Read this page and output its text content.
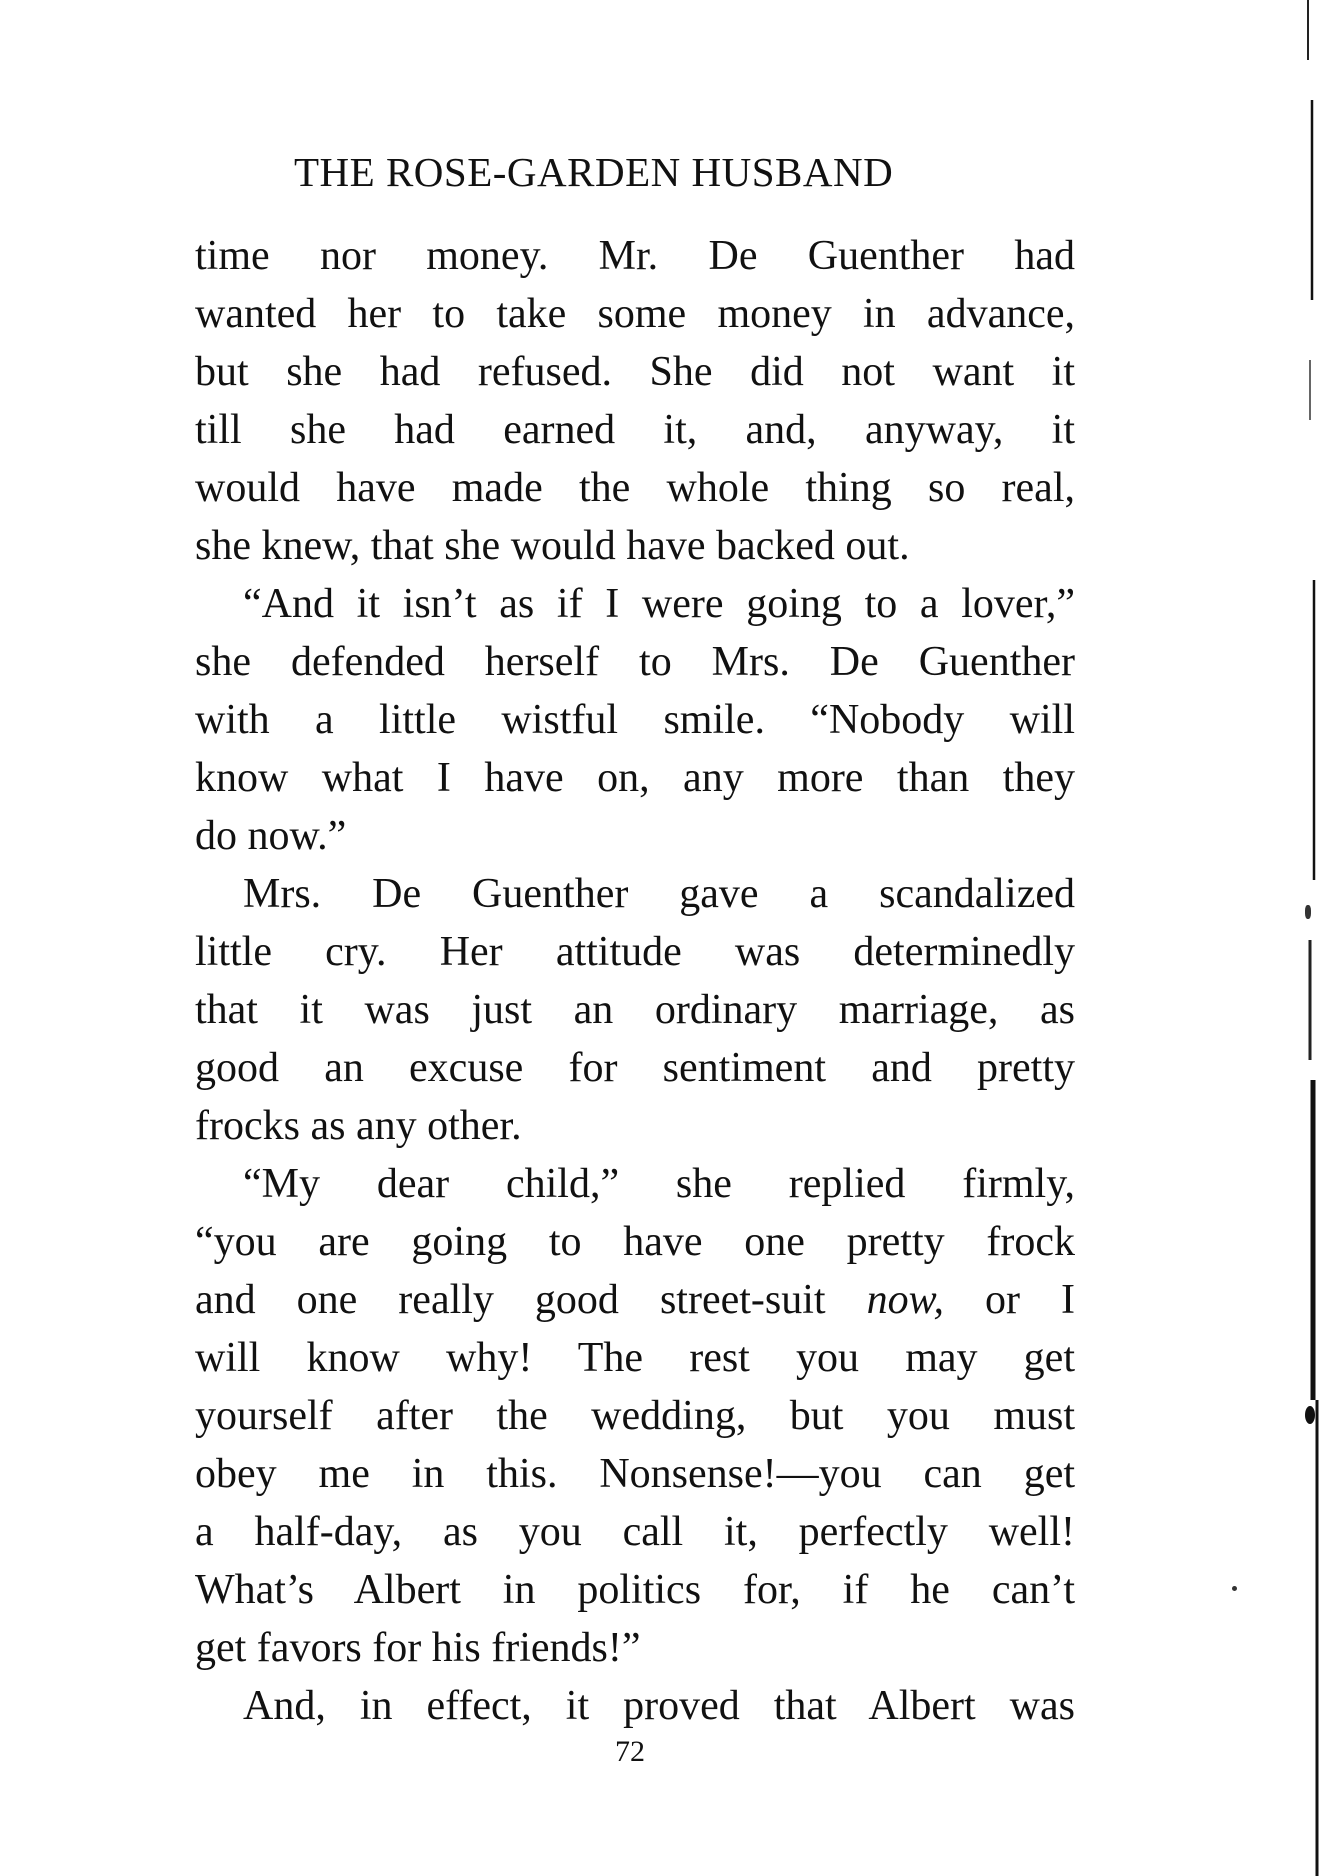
THE ROSE-GARDEN HUSBAND
time nor money. Mr. De Guenther had
wanted her to take some money in advance,
but she had refused. She did not want it
till she had earned it, and, anyway, it
would have made the whole thing so real,
she knew, that she would have backed out.
“And it isn’t as if I were going to a lover,”
she defended herself to Mrs. De Guenther
with a little wistful smile. “Nobody will
know what I have on, any more than they
do now.”
Mrs. De Guenther gave a scandalized
little cry. Her attitude was determinedly
that it was just an ordinary marriage, as
good an excuse for sentiment and pretty
frocks as any other.
“My dear child,” she replied firmly,
“you are going to have one pretty frock
and one really good street-suit now, or I
will know why! The rest you may get
yourself after the wedding, but you must
obey me in this. Nonsense!—you can get
a half-day, as you call it, perfectly well!
What’s Albert in politics for, if he can’t
get favors for his friends!”
And, in effect, it proved that Albert was
72
